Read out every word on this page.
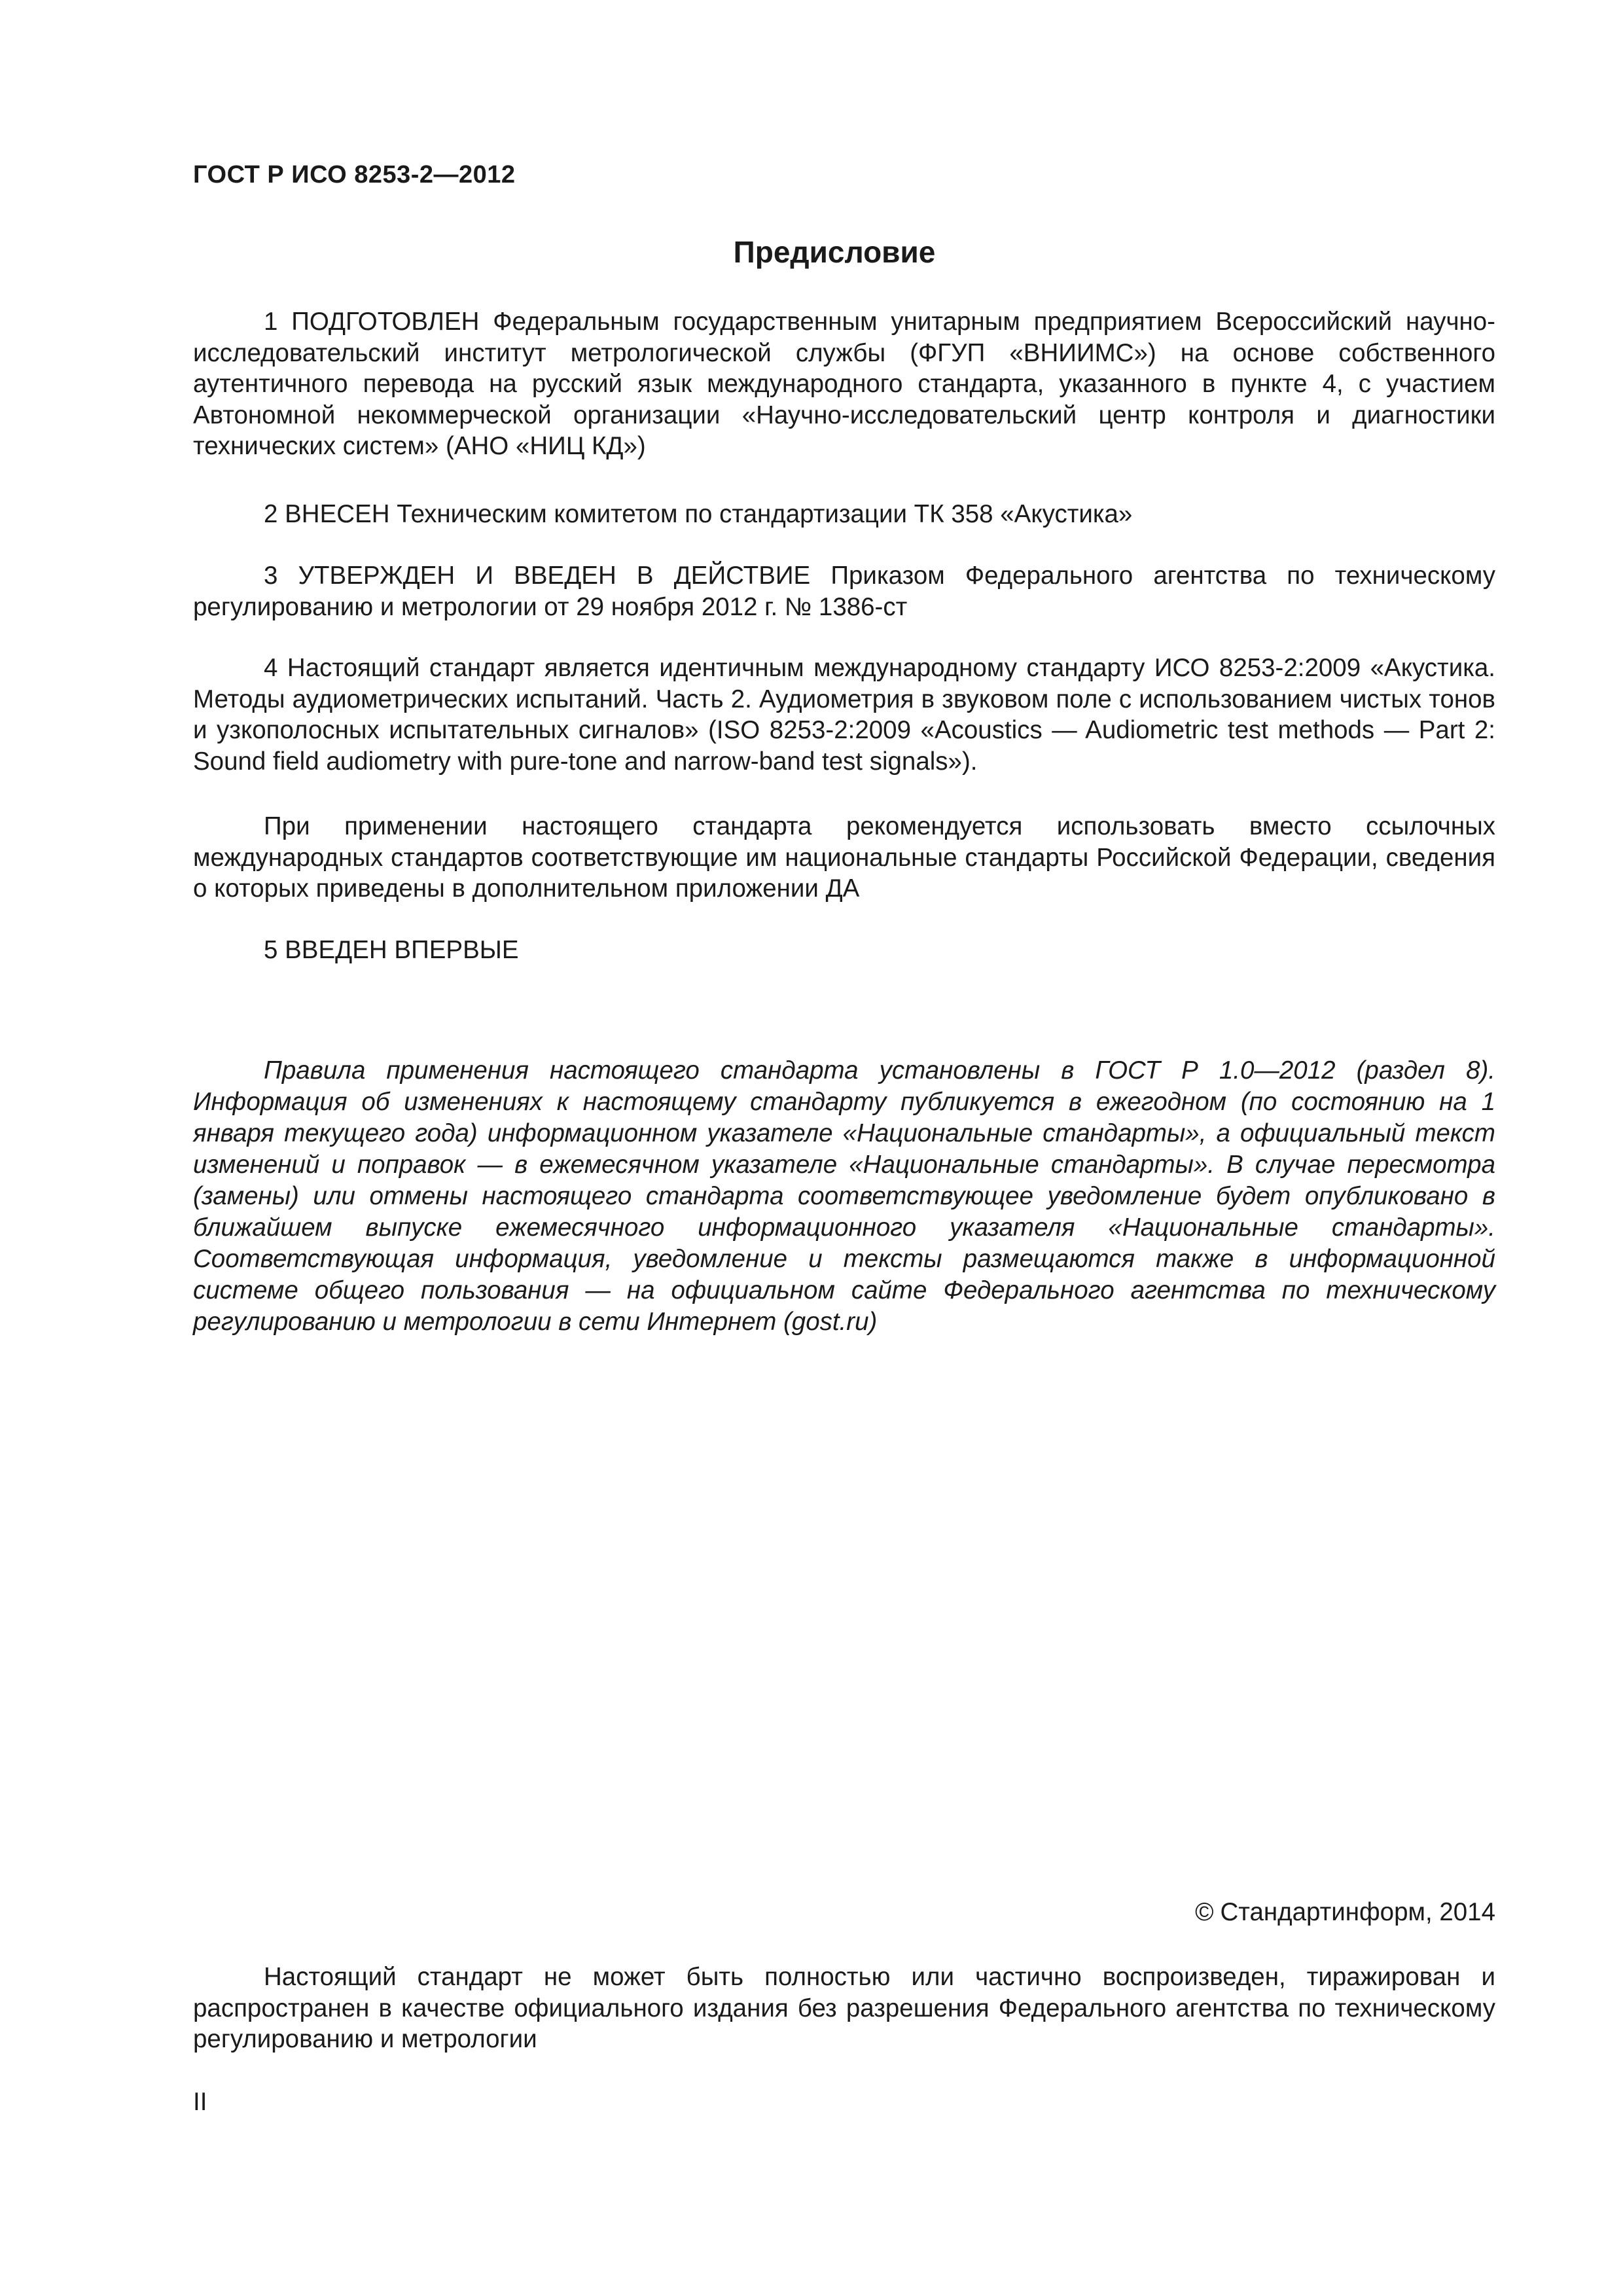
ГОСТ Р ИСО 8253-2—2012
Предисловие
1 ПОДГОТОВЛЕН Федеральным государственным унитарным предприятием Всероссийский научно-исследовательский институт метрологической службы (ФГУП «ВНИИМС») на основе собственного аутентичного перевода на русский язык международного стандарта, указанного в пункте 4, с участием Автономной некоммерческой организации «Научно-исследовательский центр контроля и диагностики технических систем» (АНО «НИЦ КД»)
2 ВНЕСЕН Техническим комитетом по стандартизации ТК 358 «Акустика»
3 УТВЕРЖДЕН И ВВЕДЕН В ДЕЙСТВИЕ Приказом Федерального агентства по техническому регулированию и метрологии от 29 ноября 2012 г. № 1386-ст
4 Настоящий стандарт является идентичным международному стандарту ИСО 8253-2:2009 «Акустика. Методы аудиометрических испытаний. Часть 2. Аудиометрия в звуковом поле с использованием чистых тонов и узкополосных испытательных сигналов» (ISO 8253-2:2009 «Acoustics — Audiometric test methods — Part 2: Sound field audiometry with pure-tone and narrow-band test signals»).
При применении настоящего стандарта рекомендуется использовать вместо ссылочных международных стандартов соответствующие им национальные стандарты Российской Федерации, сведения о которых приведены в дополнительном приложении ДА
5 ВВЕДЕН ВПЕРВЫЕ
Правила применения настоящего стандарта установлены в ГОСТ Р 1.0—2012 (раздел 8). Информация об изменениях к настоящему стандарту публикуется в ежегодном (по состоянию на 1 января текущего года) информационном указателе «Национальные стандарты», а официальный текст изменений и поправок — в ежемесячном указателе «Национальные стандарты». В случае пересмотра (замены) или отмены настоящего стандарта соответствующее уведомление будет опубликовано в ближайшем выпуске ежемесячного информационного указателя «Национальные стандарты». Соответствующая информация, уведомление и тексты размещаются также в информационной системе общего пользования — на официальном сайте Федерального агентства по техническому регулированию и метрологии в сети Интернет (gost.ru)
© Стандартинформ, 2014
Настоящий стандарт не может быть полностью или частично воспроизведен, тиражирован и распространен в качестве официального издания без разрешения Федерального агентства по техническому регулированию и метрологии
II
